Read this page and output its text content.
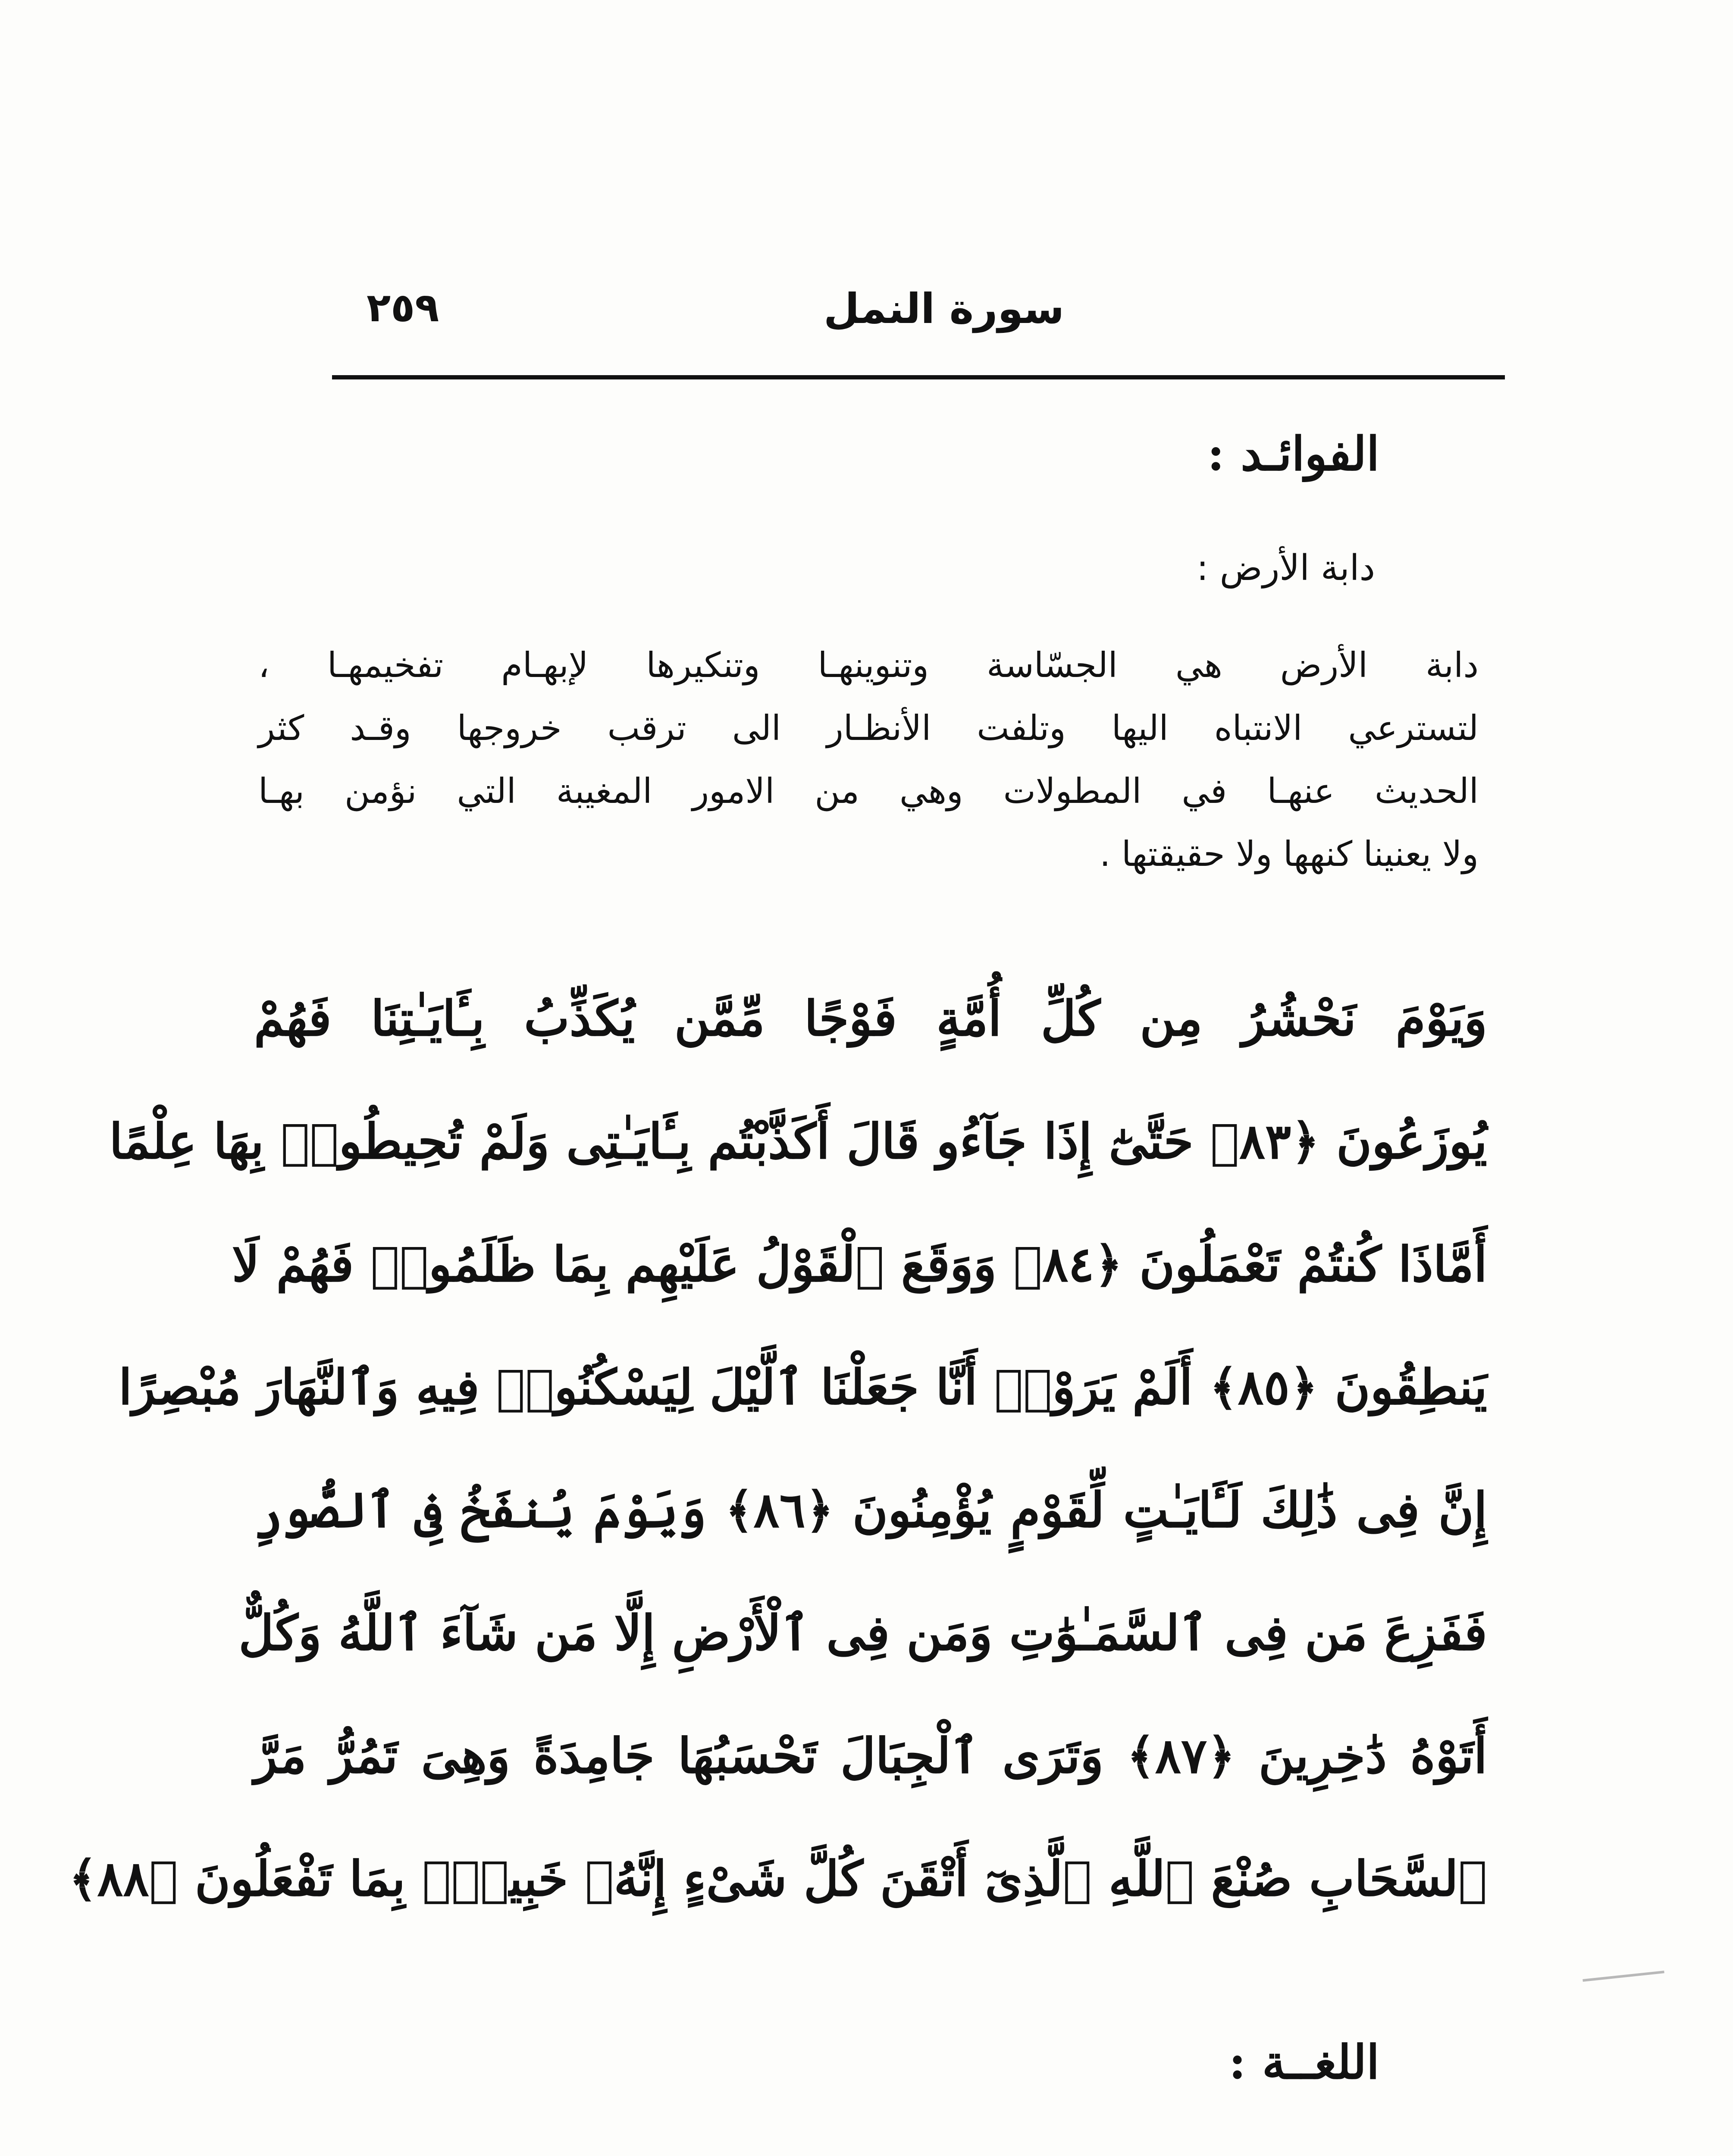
سورة النمل
٢٥٩
الفوائـد :
دابة الأرض :
دابة الأرض هي الجسّاسة وتنوينهـا وتنكيرها لإبهـام تفخيمهـا ،
لتسترعي الانتباه اليها وتلفت الأنظـار الى ترقب خروجها وقـد كثر
الحديث عنهـا في المطولات وهي من الامور المغيبة التي نؤمن بهـا
ولا يعنينا كنهها ولا حقيقتها .
وَيَوْمَ نَحْشُرُ مِن كُلِّ أُمَّةٍ فَوْجًا مِّمَّن يُكَذِّبُ بِـَٔايَـٰتِنَا فَهُمْ
يُوزَعُونَ ﴿٨٣﴾ حَتَّىٰٓ إِذَا جَآءُو قَالَ أَكَذَّبْتُم بِـَٔايَـٰتِى وَلَمْ تُحِيطُوا۟ بِهَا عِلْمًا
أَمَّاذَا كُنتُمْ تَعْمَلُونَ ﴿٨٤﴾ وَوَقَعَ ٱلْقَوْلُ عَلَيْهِم بِمَا ظَلَمُوا۟ فَهُمْ لَا
يَنطِقُونَ ﴿٨٥﴾ أَلَمْ يَرَوْا۟ أَنَّا جَعَلْنَا ٱلَّيْلَ لِيَسْكُنُوا۟ فِيهِ وَٱلنَّهَارَ مُبْصِرًا
إِنَّ فِى ذَٰلِكَ لَـَٔايَـٰتٍ لِّقَوْمٍ يُؤْمِنُونَ ﴿٨٦﴾ وَيَوْمَ يُنفَخُ فِى ٱلصُّورِ
فَفَزِعَ مَن فِى ٱلسَّمَـٰوَٰتِ وَمَن فِى ٱلْأَرْضِ إِلَّا مَن شَآءَ ٱللَّهُ وَكُلٌّ
أَتَوْهُ دَٰخِرِينَ ﴿٨٧﴾ وَتَرَى ٱلْجِبَالَ تَحْسَبُهَا جَامِدَةً وَهِىَ تَمُرُّ مَرَّ
ٱلسَّحَابِ صُنْعَ ٱللَّهِ ٱلَّذِىٓ أَتْقَنَ كُلَّ شَىْءٍ إِنَّهُۥ خَبِيرٌۢ بِمَا تَفْعَلُونَ ﴿٨٨﴾
اللغــة :
